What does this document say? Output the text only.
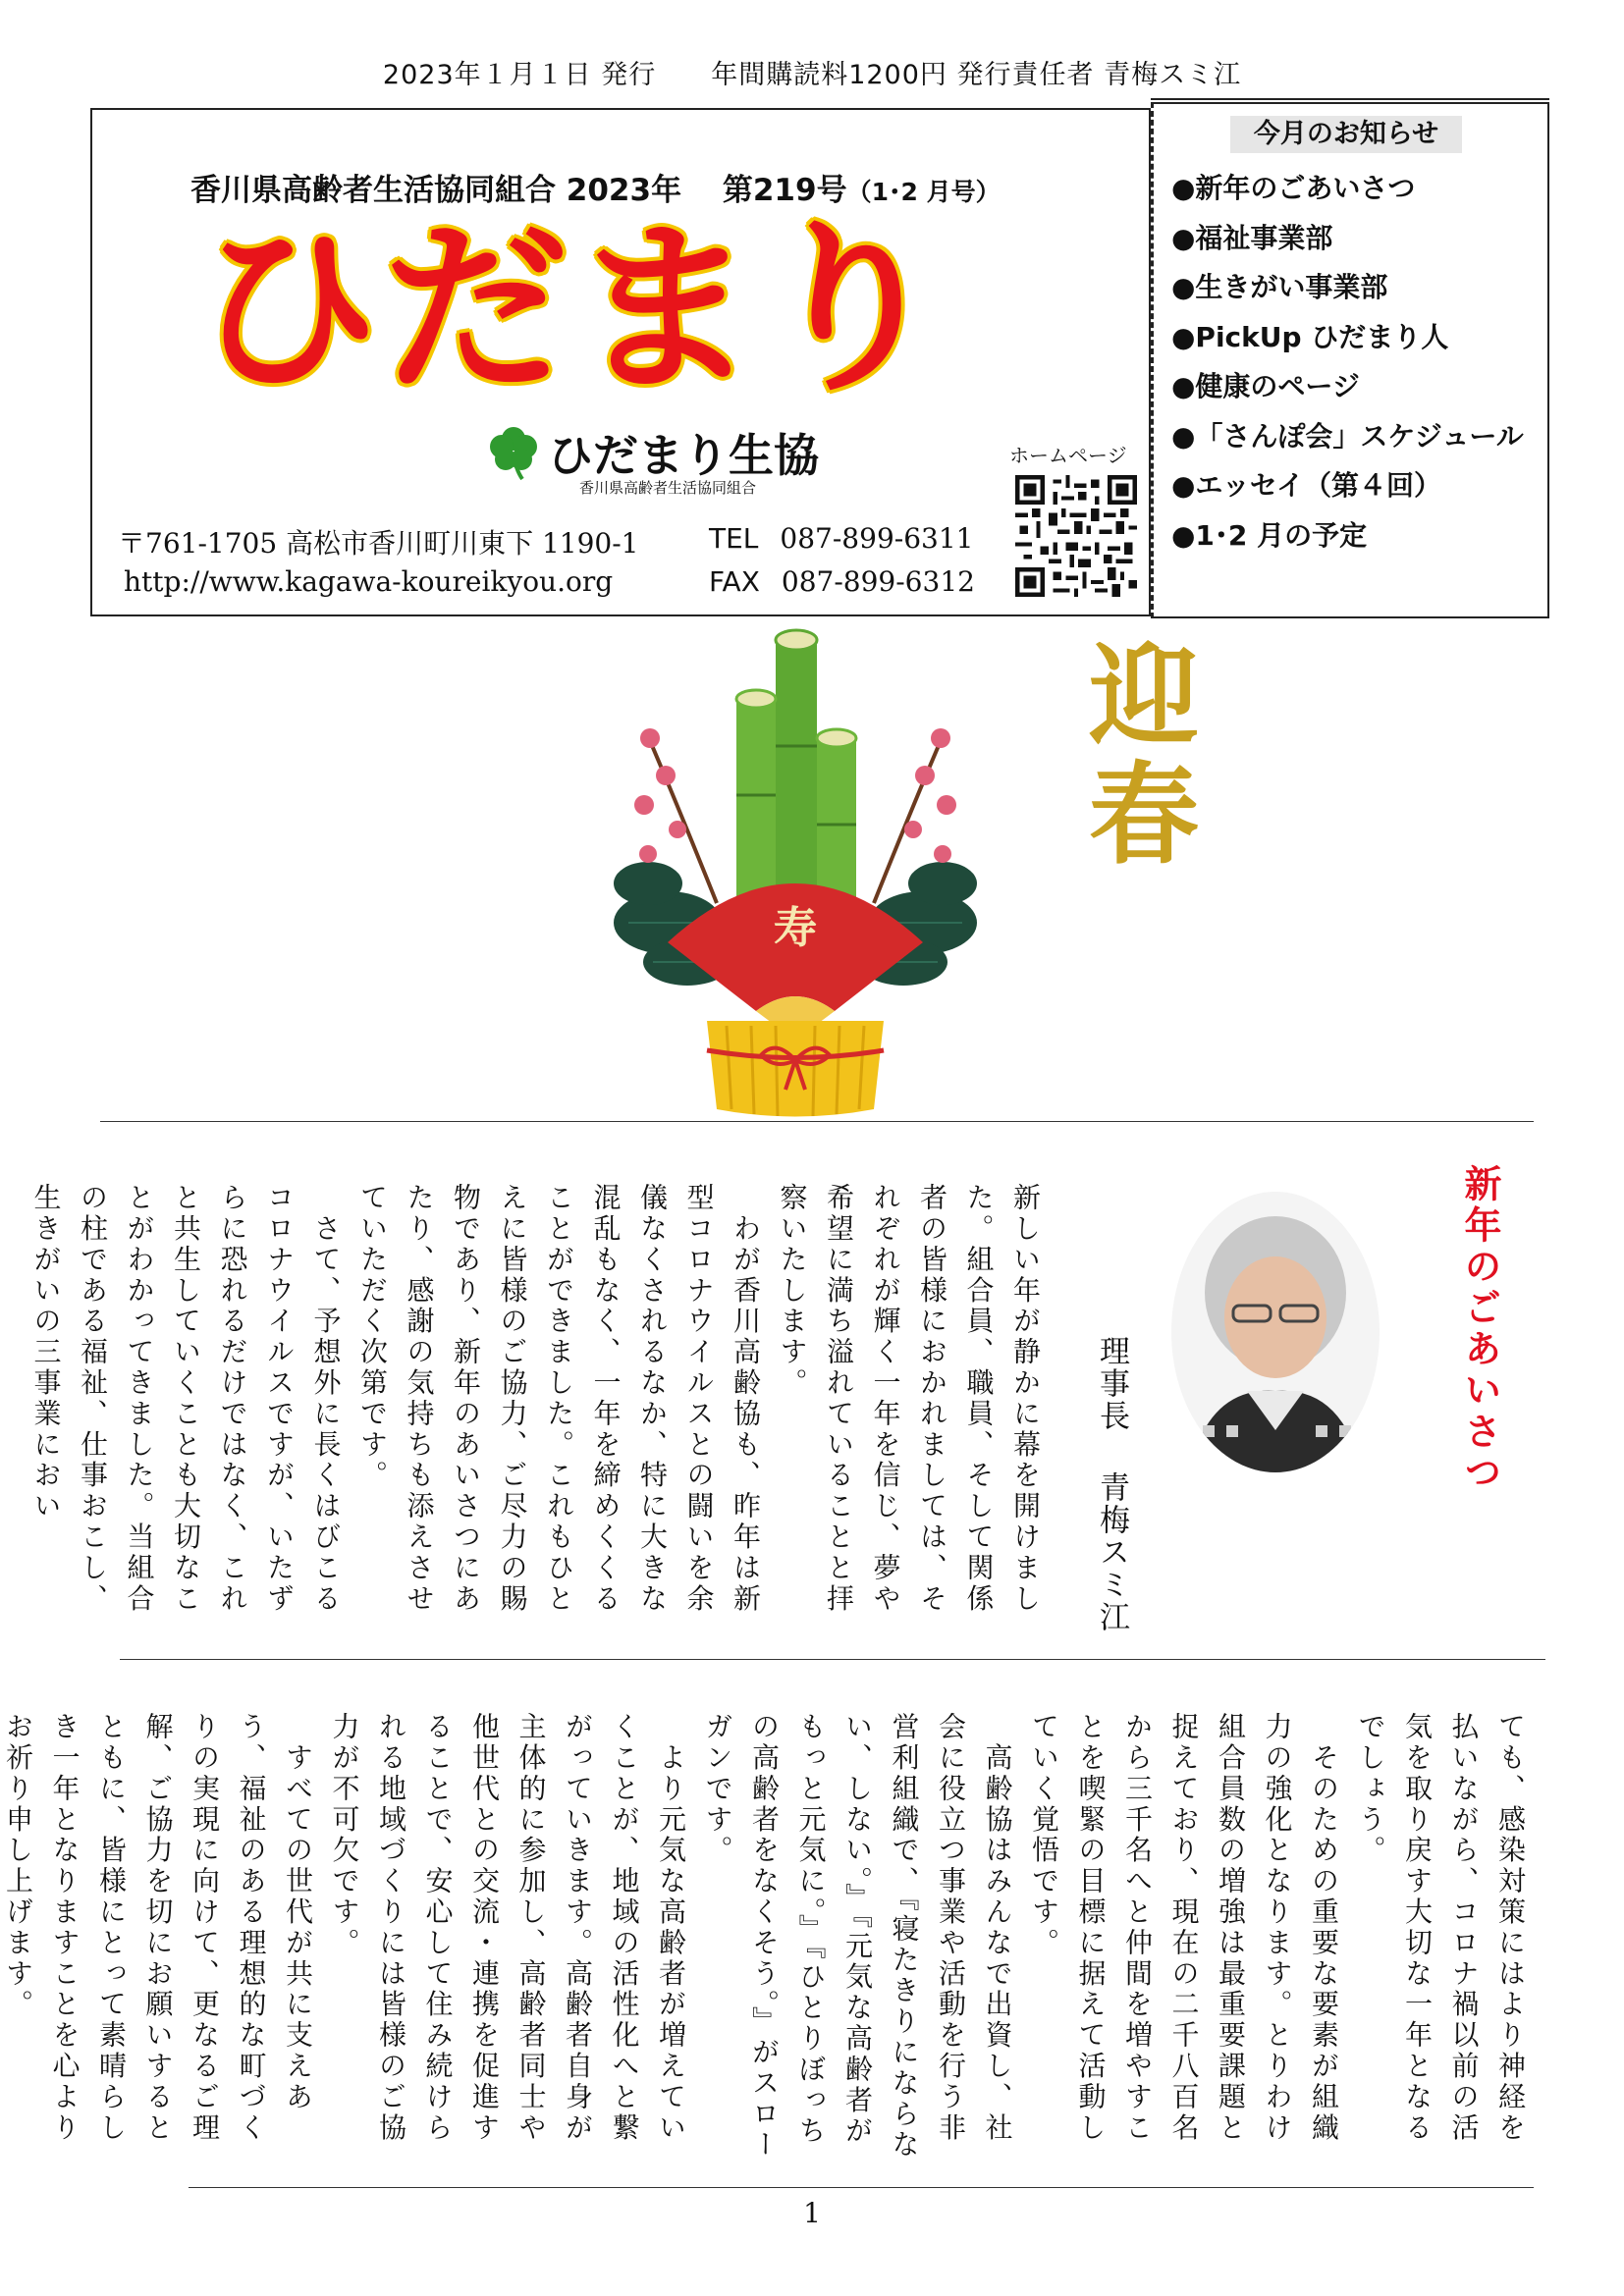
2023年１月１日 発行　　年間購読料1200円 発行責任者 青梅スミ江
香川県高齢者生活協同組合 2023年　 第219号（1･2 月号）
ひだまり
ひだまり生協
香川県高齢者生活協同組合
ホームページ
〒761-1705 高松市香川町川東下 1190-1
http://www.kagawa-koureikyou.org
TEL 087-899-6311
FAX 087-899-6312
今月のお知らせ
●新年のごあいさつ
●福祉事業部
●生きがい事業部
●PickUp ひだまり人
●健康のページ
●「さんぽ会」スケジュール
●エッセイ（第４回）
●1･2 月の予定
寿
迎春
新年のごあいさつ
理事長青梅スミ江
新しい年が静かに幕を開けました。組合員、職員、そして関係者の皆様におかれましては、それぞれが輝く一年を信じ、夢や希望に満ち溢れていることと拝察いたします。
　わが香川高齢協も、昨年は新型コロナウイルスとの闘いを余儀なくされるなか、特に大きな混乱もなく、一年を締めくくることができました。これもひとえに皆様のご協力、ご尽力の賜物であり、新年のあいさつにあたり、感謝の気持ちも添えさせていただく次第です。
　さて、予想外に長くはびこるコロナウイルスですが、いたずらに恐れるだけではなく、これと共生していくことも大切なことがわかってきました。当組合の柱である福祉、仕事おこし、生きがいの三事業におい
ても、感染対策にはより神経を払いながら、コロナ禍以前の活気を取り戻す大切な一年となるでしょう。
　そのための重要な要素が組織力の強化となります。とりわけ組合員数の増強は最重要課題と捉えており、現在の二千八百名から三千名へと仲間を増やすことを喫緊の目標に据えて活動していく覚悟です。
　高齢協はみんなで出資し、社会に役立つ事業や活動を行う非営利組織で、『寝たきりにならない、しない。』『元気な高齢者がもっと元気に。』『ひとりぼっちの高齢者をなくそう。』がスローガンです。
　より元気な高齢者が増えていくことが、地域の活性化へと繋がっていきます。高齢者自身が主体的に参加し、高齢者同士や他世代との交流・連携を促進することで、安心して住み続けられる地域づくりには皆様のご協力が不可欠です。
　すべての世代が共に支えあう、福祉のある理想的な町づくりの実現に向けて、更なるご理解、ご協力を切にお願いするとともに、皆様にとって素晴らしき一年となりますことを心よりお祈り申し上げます。
1
